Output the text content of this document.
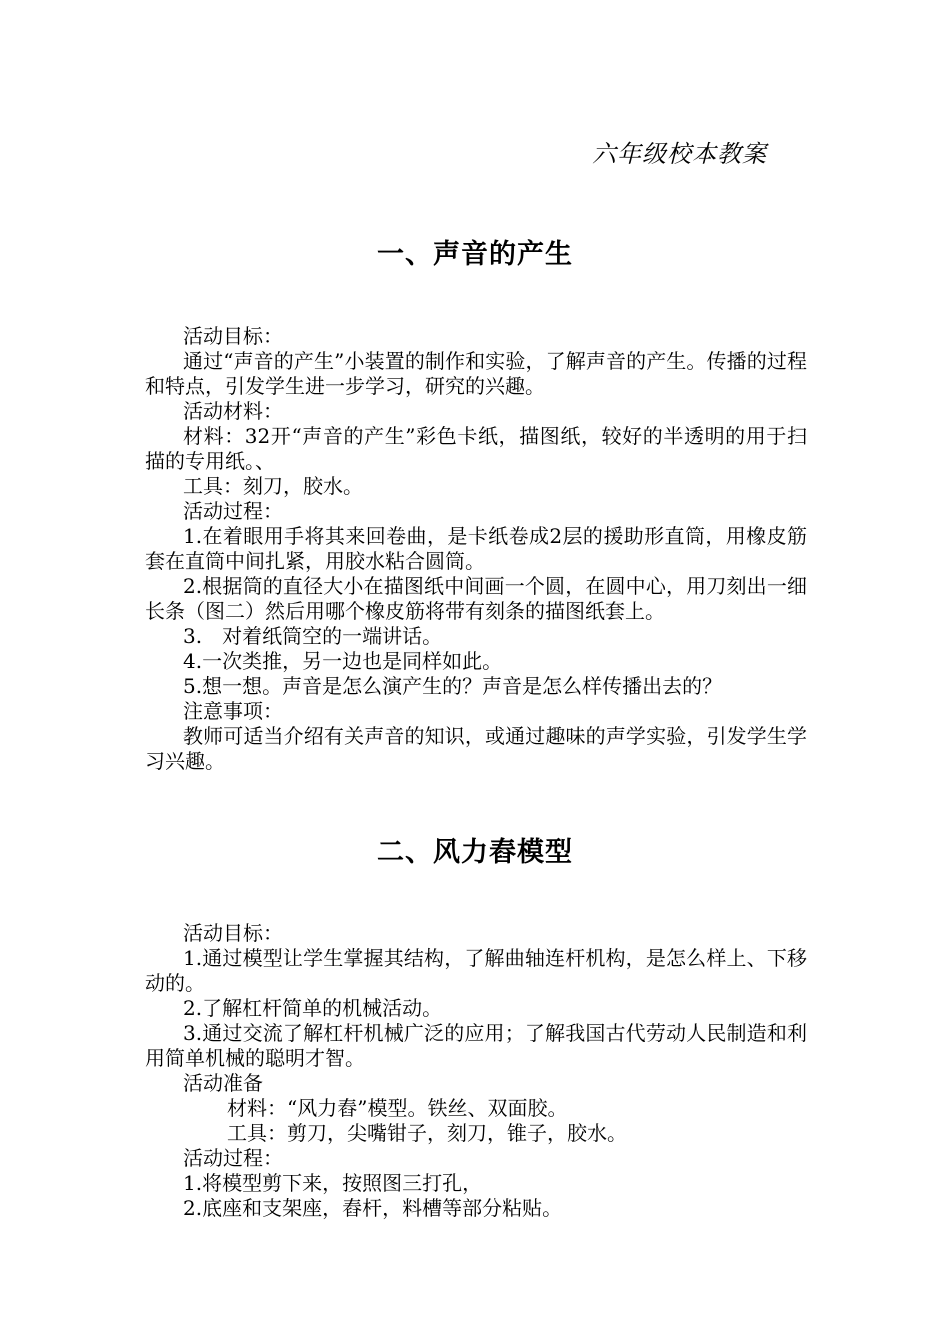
六年级校本教案
一、声音的产生

活动目标：

通过“声音的产生”小装置的制作和实验，了解声音的产生。传播的过程和特点，引发学生进一步学习，研究的兴趣。

活动材料：

材料：32开“声音的产生”彩色卡纸，描图纸，较好的半透明的用于扫描的专用纸。、

工具：刻刀，胶水。

活动过程：

1.在着眼用手将其来回卷曲，是卡纸卷成2层的援助形直筒，用橡皮筋套在直筒中间扎紧，用胶水粘合圆筒。

2.根据筒的直径大小在描图纸中间画一个圆，在圆中心，用刀刻出一细长条（图二）然后用哪个橡皮筋将带有刻条的描图纸套上。

3.　对着纸筒空的一端讲话。

4.一次类推，另一边也是同样如此。

5.想一想。声音是怎么演产生的？声音是怎么样传播出去的？

注意事项：

教师可适当介绍有关声音的知识，或通过趣味的声学实验，引发学生学习兴趣。

二、风力舂模型

活动目标：

1.通过模型让学生掌握其结构，了解曲轴连杆机构，是怎么样上、下移动的。

2.了解杠杆简单的机械活动。

3.通过交流了解杠杆机械广泛的应用；了解我国古代劳动人民制造和利用简单机械的聪明才智。

活动准备

材料：“风力舂”模型。铁丝、双面胶。

工具：剪刀，尖嘴钳子，刻刀，锥子，胶水。

活动过程：

1.将模型剪下来，按照图三打孔，

2.底座和支架座，舂杆，料槽等部分粘贴。
